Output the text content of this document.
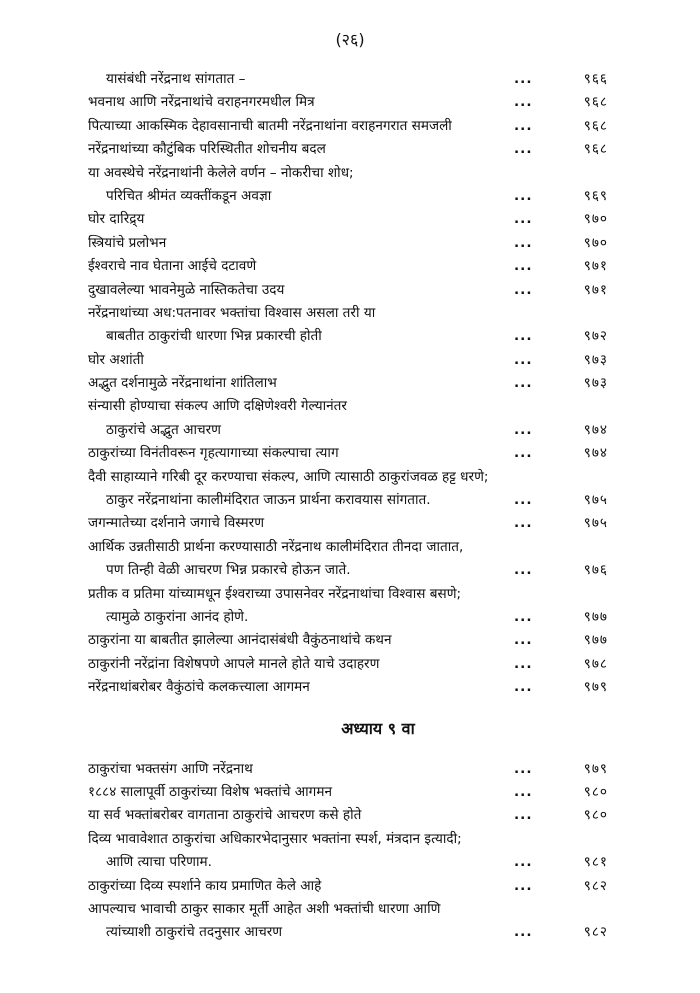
(२६)
यासंबंधी नरेंद्रनाथ सांगतात –	...	९६६
भवनाथ आणि नरेंद्रनाथांचे वराहनगरमधील मित्र	...	९६८
पित्याच्या आकस्मिक देहावसानाची बातमी नरेंद्रनाथांना वराहनगरात समजली	...	९६८
नरेंद्रनाथांच्या कौटुंबिक परिस्थितीत शोचनीय बदल	...	९६८
या अवस्थेचे नरेंद्रनाथांनी केलेले वर्णन – नोकरीचा शोध;
परिचित श्रीमंत व्यक्तींकडून अवज्ञा	...	९६९
घोर दारिद्र्य	...	९७०
स्त्रियांचे प्रलोभन	...	९७०
ईश्वराचे नाव घेताना आईचे दटावणे	...	९७१
दुखावलेल्या भावनेमुळे नास्तिकतेचा उदय	...	९७१
नरेंद्रनाथांच्या अध:पतनावर भक्तांचा विश्वास असला तरी या
बाबतीत ठाकुरांची धारणा भिन्न प्रकारची होती	...	९७२
घोर अशांती	...	९७३
अद्भुत दर्शनामुळे नरेंद्रनाथांना शांतिलाभ	...	९७३
संन्यासी होण्याचा संकल्प आणि दक्षिणेश्वरी गेल्यानंतर
ठाकुरांचे अद्भुत आचरण	...	९७४
ठाकुरांच्या विनंतीवरून गृहत्यागाच्या संकल्पाचा त्याग	...	९७४
दैवी साहाय्याने गरिबी दूर करण्याचा संकल्प, आणि त्यासाठी ठाकुरांजवळ हट्ट धरणे;
ठाकुर नरेंद्रनाथांना कालीमंदिरात जाऊन प्रार्थना करावयास सांगतात.	...	९७५
जगन्मातेच्या दर्शनाने जगाचे विस्मरण	...	९७५
आर्थिक उन्नतीसाठी प्रार्थना करण्यासाठी नरेंद्रनाथ कालीमंदिरात तीनदा जातात,
पण तिन्ही वेळी आचरण भिन्न प्रकारचे होऊन जाते.	...	९७६
प्रतीक व प्रतिमा यांच्यामधून ईश्वराच्या उपासनेवर नरेंद्रनाथांचा विश्वास बसणे;
त्यामुळे ठाकुरांना आनंद होणे.	...	९७७
ठाकुरांना या बाबतीत झालेल्या आनंदासंबंधी वैकुंठनाथांचे कथन	...	९७७
ठाकुरांनी नरेंद्रांना विशेषपणे आपले मानले होते याचे उदाहरण	...	९७८
नरेंद्रनाथांबरोबर वैकुंठांचे कलकत्त्याला आगमन	...	९७९
अध्याय ९ वा
ठाकुरांचा भक्तसंग आणि नरेंद्रनाथ	...	९७९
१८८४ सालापूर्वी ठाकुरांच्या विशेष भक्तांचे आगमन	...	९८०
या सर्व भक्तांबरोबर वागताना ठाकुरांचे आचरण कसे होते	...	९८०
दिव्य भावावेशात ठाकुरांचा अधिकारभेदानुसार भक्तांना स्पर्श, मंत्रदान इत्यादी;
आणि त्याचा परिणाम.	...	९८१
ठाकुरांच्या दिव्य स्पर्शाने काय प्रमाणित केले आहे	...	९८२
आपल्याच भावाची ठाकुर साकार मूर्ती आहेत अशी भक्तांची धारणा आणि
त्यांच्याशी ठाकुरांचे तदनुसार आचरण	...	९८२
